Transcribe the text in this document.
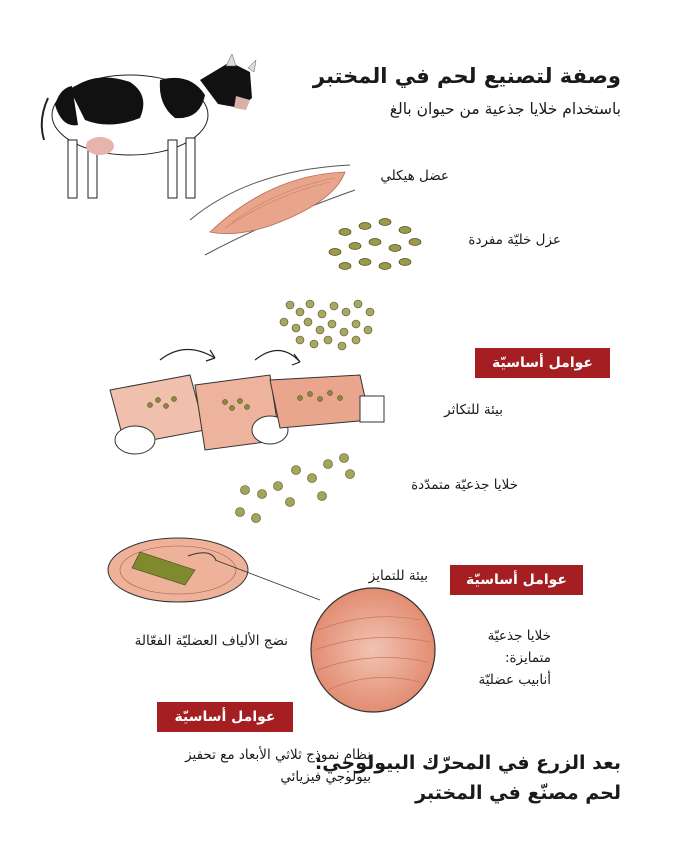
وصفة لتصنيع لحم في المختبر
باستخدام خلايا جذعية من حيوان بالغ
عضل هيكلي
عزل خليّة مفردة
عوامل أساسيّة
بيئة للتكاثر
خلايا جذعيّة متمدّدة
بيئة للتمايز	عوامل أساسيّة
خلايا جذعيّة
متمايزة:
أنابيب عضليّة
نضج الألياف العضليّة الفعّالة
عوامل أساسيّة
نظام نموذج ثلاثي الأبعاد مع تحفيز بيولوجي فيزيائي
بعد الزرع في المحرّك البيولوجي:
لحم مصنّع في المختبر
